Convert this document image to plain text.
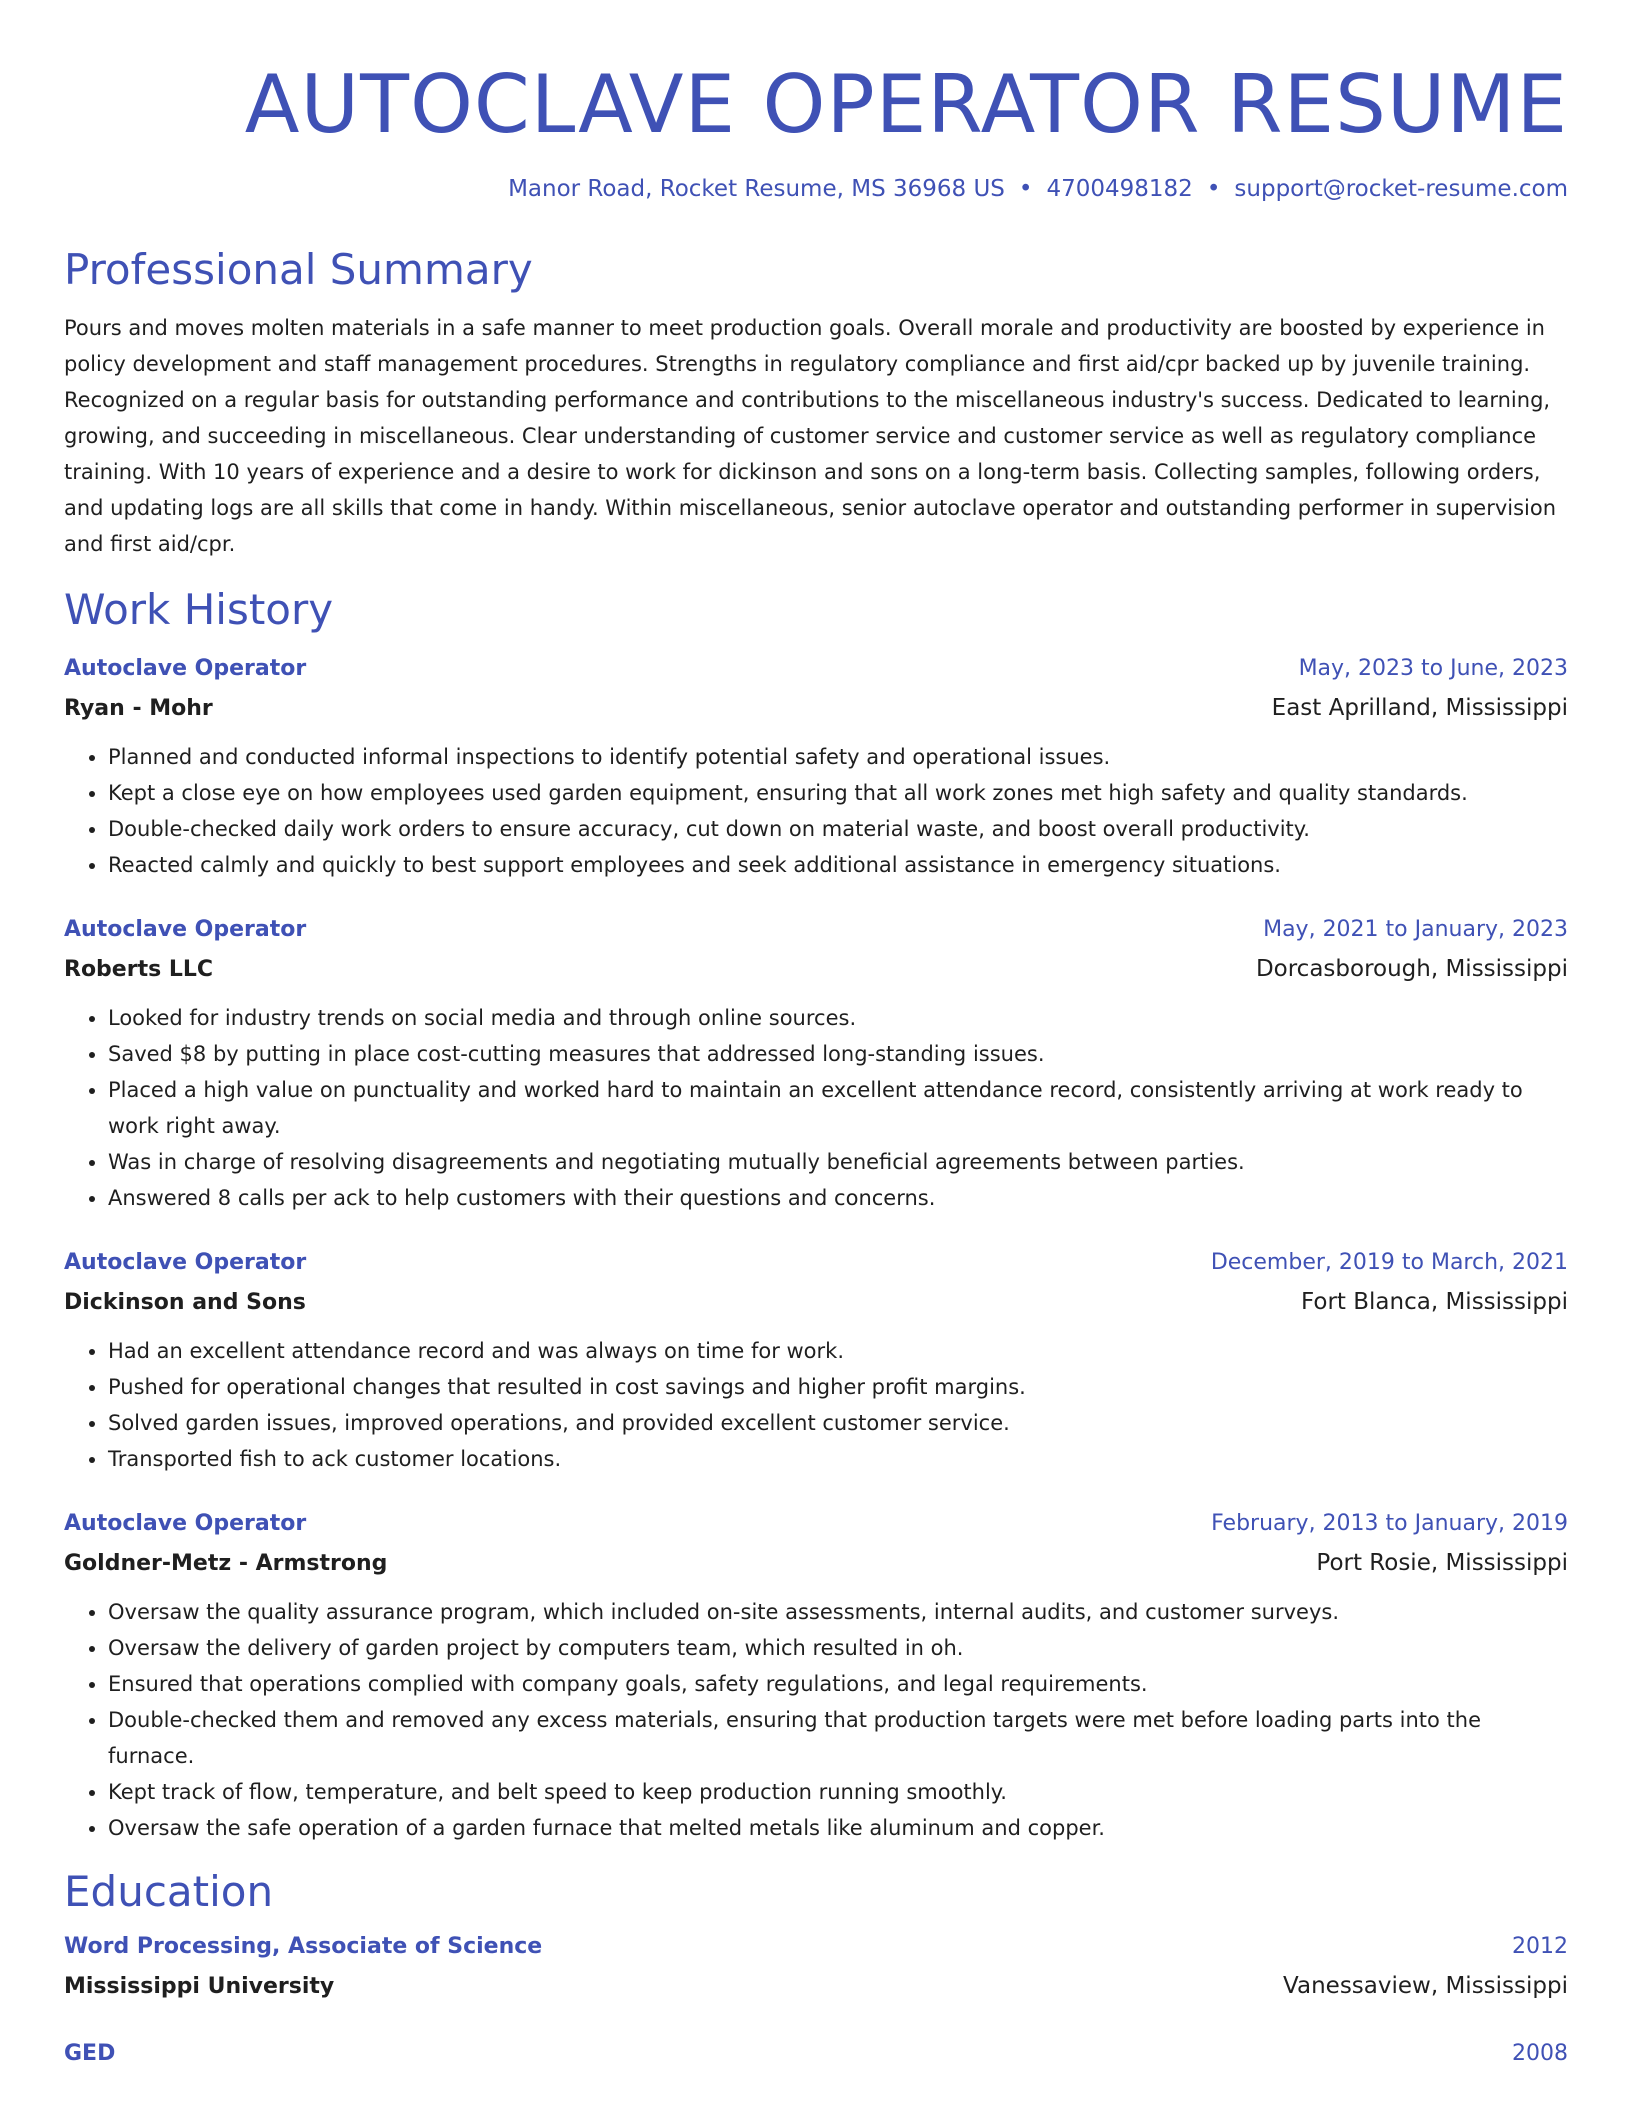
AUTOCLAVE OPERATOR RESUME
Manor Road, Rocket Resume, MS 36968 US • 4700498182 • support@rocket-resume.com
Professional Summary
Pours and moves molten materials in a safe manner to meet production goals. Overall morale and productivity are boosted by experience in policy development and staff management procedures. Strengths in regulatory compliance and first aid/cpr backed up by juvenile training. Recognized on a regular basis for outstanding performance and contributions to the miscellaneous industry's success. Dedicated to learning, growing, and succeeding in miscellaneous. Clear understanding of customer service and customer service as well as regulatory compliance training. With 10 years of experience and a desire to work for dickinson and sons on a long-term basis. Collecting samples, following orders, and updating logs are all skills that come in handy. Within miscellaneous, senior autoclave operator and outstanding performer in supervision and first aid/cpr.
Work History
Autoclave Operator	May, 2023 to June, 2023
Ryan - Mohr	East Aprilland, Mississippi
• Planned and conducted informal inspections to identify potential safety and operational issues.
• Kept a close eye on how employees used garden equipment, ensuring that all work zones met high safety and quality standards.
• Double-checked daily work orders to ensure accuracy, cut down on material waste, and boost overall productivity.
• Reacted calmly and quickly to best support employees and seek additional assistance in emergency situations.
Autoclave Operator	May, 2021 to January, 2023
Roberts LLC	Dorcasborough, Mississippi
• Looked for industry trends on social media and through online sources.
• Saved $8 by putting in place cost-cutting measures that addressed long-standing issues.
• Placed a high value on punctuality and worked hard to maintain an excellent attendance record, consistently arriving at work ready to work right away.
• Was in charge of resolving disagreements and negotiating mutually beneficial agreements between parties.
• Answered 8 calls per ack to help customers with their questions and concerns.
Autoclave Operator	December, 2019 to March, 2021
Dickinson and Sons	Fort Blanca, Mississippi
• Had an excellent attendance record and was always on time for work.
• Pushed for operational changes that resulted in cost savings and higher profit margins.
• Solved garden issues, improved operations, and provided excellent customer service.
• Transported fish to ack customer locations.
Autoclave Operator	February, 2013 to January, 2019
Goldner-Metz - Armstrong	Port Rosie, Mississippi
• Oversaw the quality assurance program, which included on-site assessments, internal audits, and customer surveys.
• Oversaw the delivery of garden project by computers team, which resulted in oh.
• Ensured that operations complied with company goals, safety regulations, and legal requirements.
• Double-checked them and removed any excess materials, ensuring that production targets were met before loading parts into the furnace.
• Kept track of flow, temperature, and belt speed to keep production running smoothly.
• Oversaw the safe operation of a garden furnace that melted metals like aluminum and copper.
Education
Word Processing, Associate of Science	2012
Mississippi University	Vanessaview, Mississippi
GED	2008
